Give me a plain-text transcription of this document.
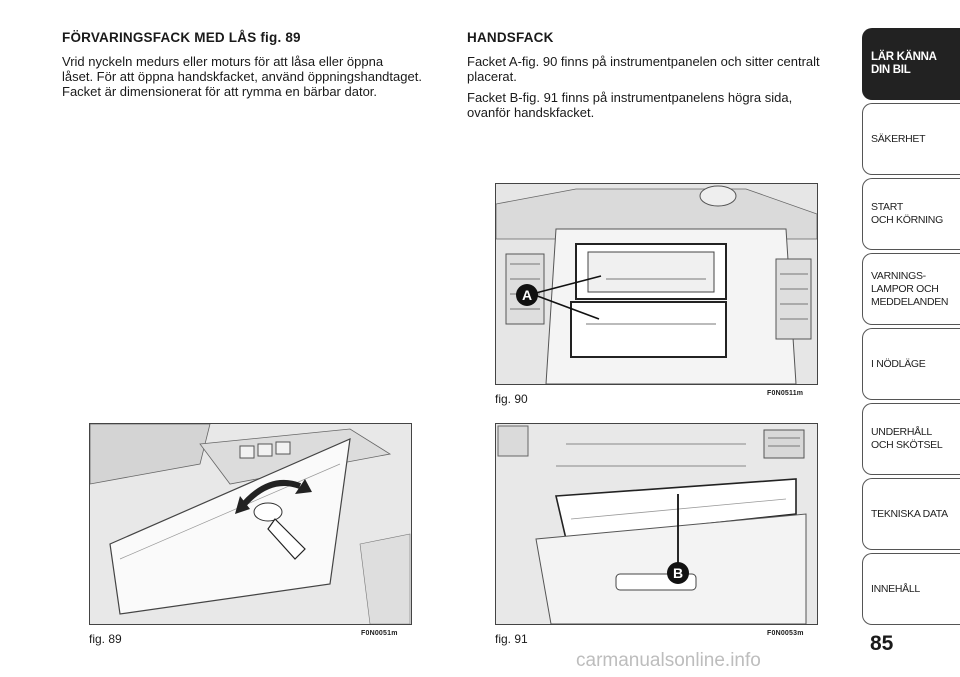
FÖRVARINGSFACK MED LÅS fig. 89
Vrid nyckeln medurs eller moturs för att låsa eller öppna
låset. För att öppna handskfacket, använd öppningshandtaget.
Facket är dimensionerat för att rymma en bärbar dator.
HANDSFACK
Facket A-fig. 90 finns på instrumentpanelen och sitter centralt
placerat.
Facket B-fig. 91 finns på instrumentpanelens högra sida,
ovanför handskfacket.
fig. 89	F0N0051m
A
fig. 90	F0N0511m
B
fig. 91	F0N0053m
LÄR KÄNNA
DIN BIL
SÄKERHET
START
OCH KÖRNING
VARNINGS-
LAMPOR OCH
MEDDELANDEN
I NÖDLÄGE
UNDERHÅLL
OCH SKÖTSEL
TEKNISKA DATA
INNEHÅLL
85
carmanualsonline.info
